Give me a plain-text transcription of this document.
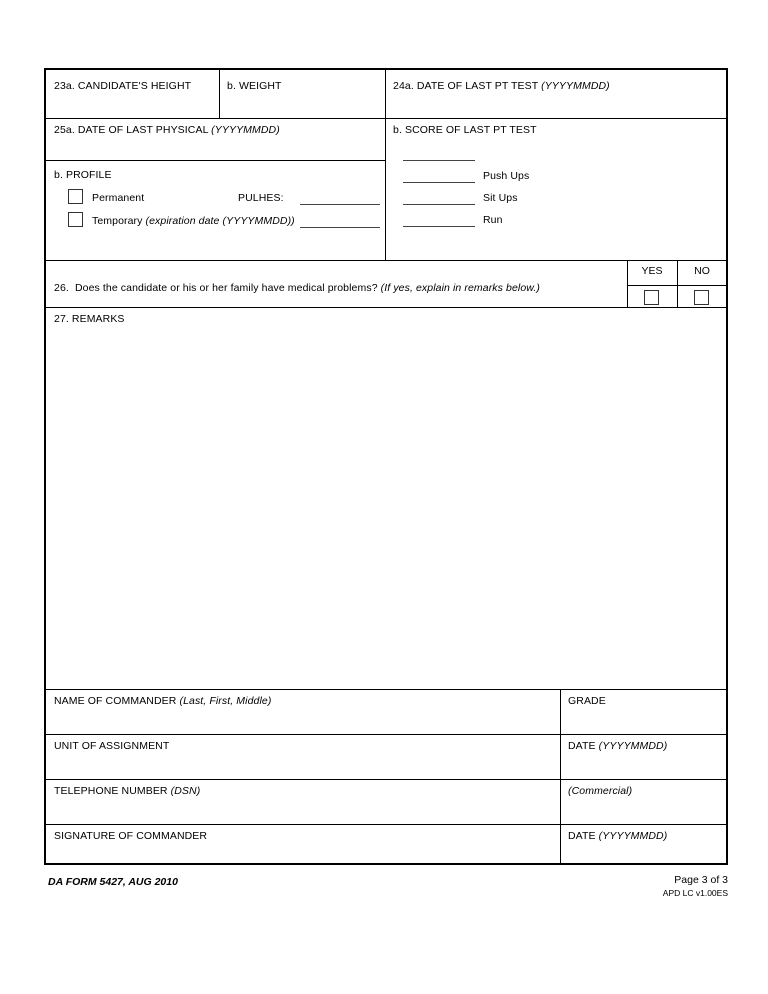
23a. CANDIDATE'S HEIGHT	b. WEIGHT	24a. DATE OF LAST PT TEST (YYYYMMDD)
25a. DATE OF LAST PHYSICAL (YYYYMMDD)	b. SCORE OF LAST PT TEST
b. PROFILE
Permanent
Temporary (expiration date (YYYYMMDD))
PULHES:
Push Ups
Sit Ups
Run
26. Does the candidate or his or her family have medical problems? (If yes, explain in remarks below.)
YES	NO
27. REMARKS
NAME OF COMMANDER (Last, First, Middle)	GRADE
UNIT OF ASSIGNMENT	DATE (YYYYMMDD)
TELEPHONE NUMBER (DSN)	(Commercial)
SIGNATURE OF COMMANDER	DATE (YYYYMMDD)
DA FORM 5427, AUG 2010	Page 3 of 3
APD LC v1.00ES
